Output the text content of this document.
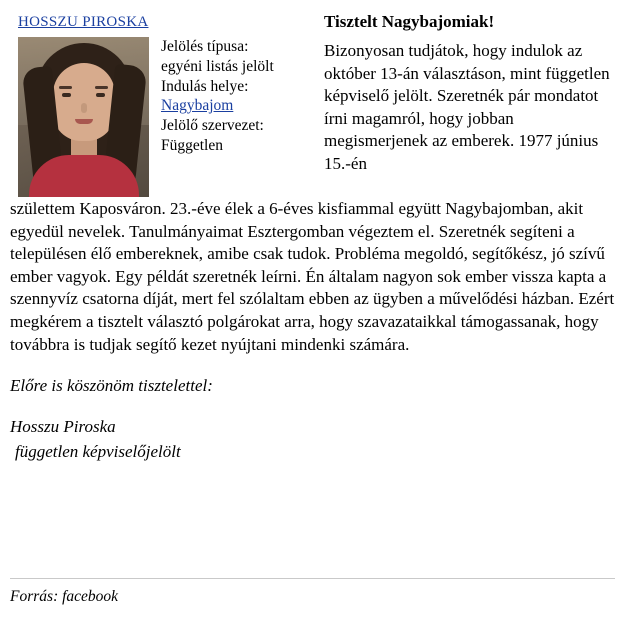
HOSSZU PIROSKA
Jelölés típusa:
egyéni listás jelölt
Indulás helye:
Nagybajom
Jelölő szervezet:
Független
Tisztelt Nagybajomiak!

Bizonyosan tudjátok, hogy indulok az október 13-án választáson, mint független képviselő jelölt. Szeretnék pár mondatot írni magamról, hogy jobban megismerjenek az emberek. 1977 június 15.-én

születtem Kaposváron. 23.-éve élek a 6-éves kisfiammal együtt Nagybajomban, akit egyedül nevelek. Tanulmányaimat Esztergomban végeztem el. Szeretnék segíteni a településen élő embereknek, amibe csak tudok. Probléma megoldó, segítőkész, jó szívű ember vagyok. Egy példát szeretnék leírni. Én általam nagyon sok ember vissza kapta a szennyvíz csatorna díját, mert fel szólaltam ebben az ügyben a művelődési házban. Ezért megkérem a tisztelt választó polgárokat arra, hogy szavazataikkal támogassanak, hogy továbbra is tudjak segítő kezet nyújtani mindenki számára.

Előre is köszönöm tisztelettel:
Hosszu Piroska
független képviselőjelölt
Forrás: facebook
